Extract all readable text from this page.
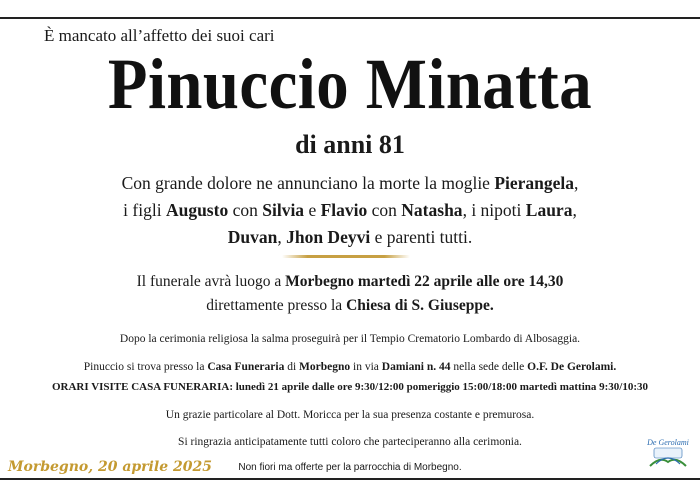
È mancato all’affetto dei suoi cari
Pinuccio Minatta
di anni 81
Con grande dolore ne annunciano la morte la moglie Pierangela,
i figli Augusto con Silvia e Flavio con Natasha, i nipoti Laura,
Duvan, Jhon Deyvi e parenti tutti.
Il funerale avrà luogo a Morbegno martedì 22 aprile alle ore 14,30
direttamente presso la Chiesa di S. Giuseppe.
Dopo la cerimonia religiosa la salma proseguirà per il Tempio Crematorio Lombardo di Albosaggia.
Pinuccio si trova presso la Casa Funeraria di Morbegno in via Damiani n. 44 nella sede delle O.F. De Gerolami.
ORARI VISITE CASA FUNERARIA: lunedì 21 aprile dalle ore 9:30/12:00 pomeriggio 15:00/18:00 martedì mattina 9:30/10:30
Un grazie particolare al Dott. Moricca per la sua presenza costante e premurosa.
Si ringrazia anticipatamente tutti coloro che parteciperanno alla cerimonia.
Non fiori ma offerte per la parrocchia di Morbegno.
Morbegno, 20 aprile 2025
De Gerolami
